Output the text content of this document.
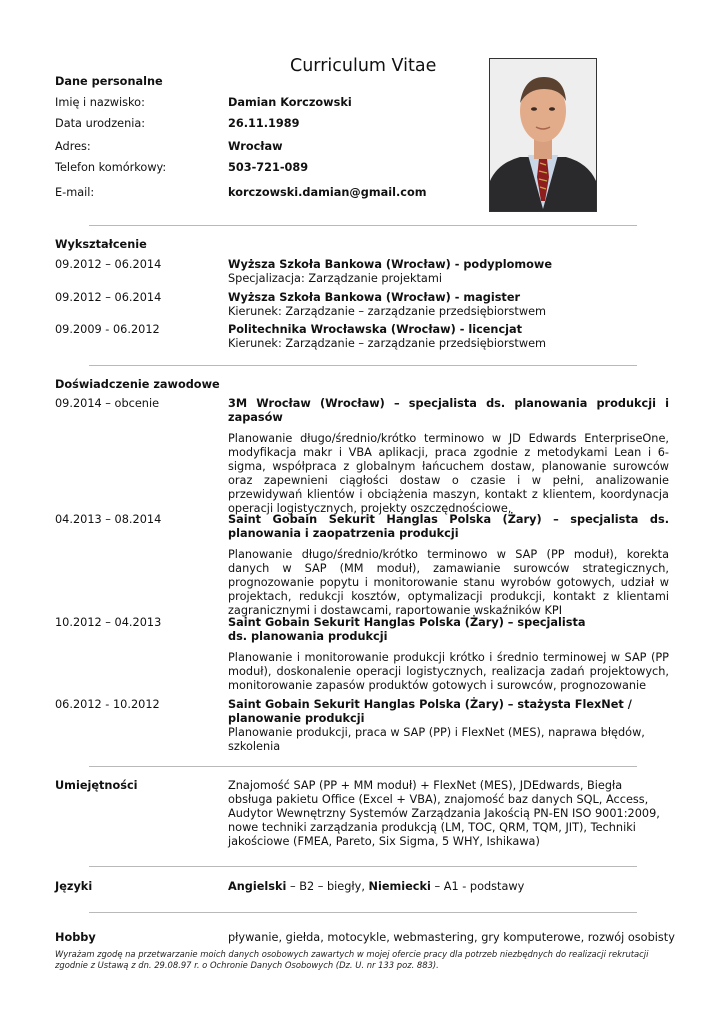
Curriculum Vitae
Dane personalne
Imię i nazwisko:	Damian Korczowski
Data urodzenia:	26.11.1989
Adres:	Wrocław
Telefon komórkowy:	503-721-089
E-mail:	korczowski.damian@gmail.com
Wykształcenie
09.2012 – 06.2014	Wyższa Szkoła Bankowa (Wrocław) - podyplomowe
Specjalizacja: Zarządzanie projektami
09.2012 – 06.2014	Wyższa Szkoła Bankowa (Wrocław) - magister
Kierunek: Zarządzanie – zarządzanie przedsiębiorstwem
09.2009 - 06.2012	Politechnika Wrocławska (Wrocław) - licencjat
Kierunek: Zarządzanie – zarządzanie przedsiębiorstwem
Doświadczenie zawodowe
09.2014 – obcenie	3M Wrocław (Wrocław) – specjalista ds. planowania produkcji i zapasów
Planowanie długo/średnio/krótko terminowo w JD Edwards EnterpriseOne, modyfikacja makr i VBA aplikacji, praca zgodnie z metodykami Lean i 6-sigma, współpraca z globalnym łańcuchem dostaw, planowanie surowców oraz zapewnieni ciągłości dostaw o czasie i w pełni, analizowanie przewidywań klientów i obciążenia maszyn, kontakt z klientem, koordynacja operacji logistycznych, projekty oszczędnościowe,
04.2013 – 08.2014	Saint Gobain Sekurit Hanglas Polska (Żary) – specjalista ds. planowania i zaopatrzenia produkcji
Planowanie długo/średnio/krótko terminowo w SAP (PP moduł), korekta danych w SAP (MM moduł), zamawianie surowców strategicznych, prognozowanie popytu i monitorowanie stanu wyrobów gotowych, udział w projektach, redukcji kosztów, optymalizacji produkcji, kontakt z klientami zagranicznymi i dostawcami, raportowanie wskaźników KPI
10.2012 – 04.2013	Saint Gobain Sekurit Hanglas Polska (Żary) – specjalista ds. planowania produkcji
Planowanie i monitorowanie produkcji krótko i średnio terminowej w SAP (PP moduł), doskonalenie operacji logistycznych, realizacja zadań projektowych, monitorowanie zapasów produktów gotowych i surowców, prognozowanie
06.2012 - 10.2012	Saint Gobain Sekurit Hanglas Polska (Żary) – stażysta FlexNet / planowanie produkcji
Planowanie produkcji, praca w SAP (PP) i FlexNet (MES), naprawa błędów, szkolenia
Umiejętności	Znajomość SAP (PP + MM moduł) + FlexNet (MES), JDEdwards, Biegła obsługa pakietu Office (Excel + VBA), znajomość baz danych SQL, Access, Audytor Wewnętrzny Systemów Zarządzania Jakością PN-EN ISO 9001:2009, nowe techniki zarządzania produkcją (LM, TOC, QRM, TQM, JIT), Techniki jakościowe (FMEA, Pareto, Six Sigma, 5 WHY, Ishikawa)
Języki	Angielski – B2 – biegły, Niemiecki – A1 - podstawy
Hobby	pływanie, giełda, motocykle, webmastering, gry komputerowe, rozwój osobisty
Wyrażam zgodę na przetwarzanie moich danych osobowych zawartych w mojej ofercie pracy dla potrzeb niezbędnych do realizacji rekrutacji zgodnie z Ustawą z dn. 29.08.97 r. o Ochronie Danych Osobowych (Dz. U. nr 133 poz. 883).
